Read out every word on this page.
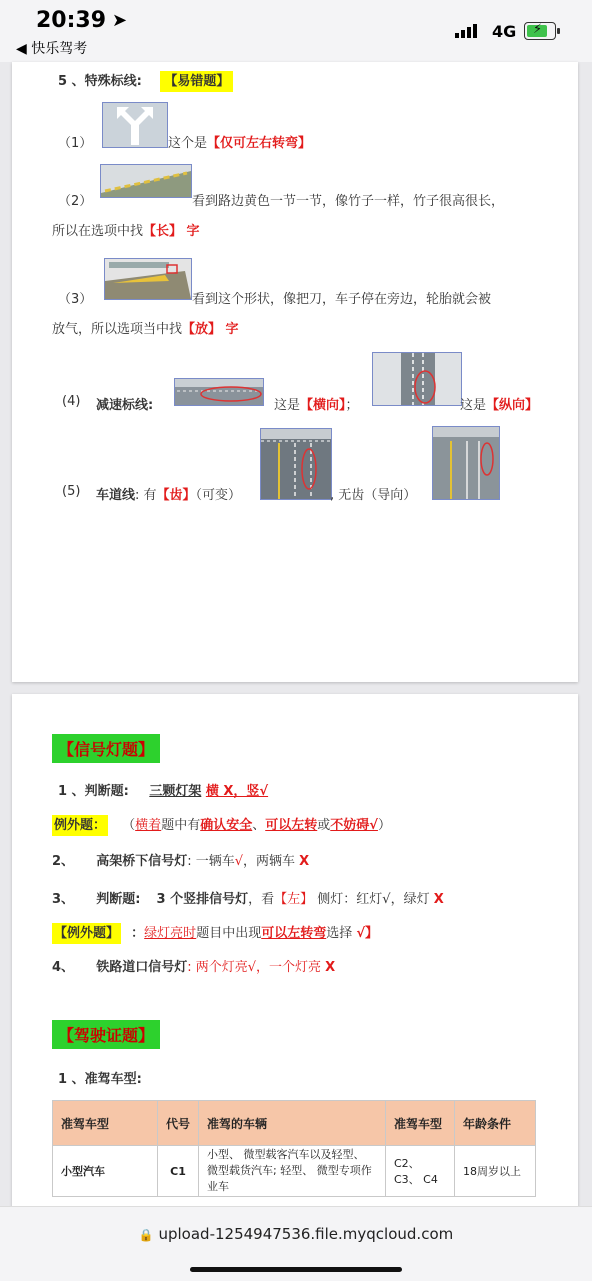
20:39 ➤
◀ 快乐驾考
4G ⚡
5 、特殊标线: 【易错题】
（1）	这个是【仅可左右转弯】
（2）	看到路边黄色一节一节，像竹子一样，竹子很高很长，
所以在选项中找【长】 字
（3）	看到这个形状，像把刀，车子停在旁边，轮胎就会被
放气，所以选项当中找【放】 字
(4) 减速标线:	这是【横向】；	这是【纵向】
(5) 车道线: 有【齿】（可变）	, 无齿（导向）
【信号灯题】
1 、判断题: 三颗灯架 横 X，竖√
例外题： （横着题中有确认安全、可以左转或不妨碍√）
2、 高架桥下信号灯: 一辆车√，两辆车 X
3、 判断题: 3 个竖排信号灯，看【左】 侧灯：红灯√，绿灯 X
【例外题】 ：绿灯亮时题目中出现可以左转弯选择 √】
4、 铁路道口信号灯: 两个灯亮√，一个灯亮 X
【驾驶证题】
1 、准驾车型:
准驾车型	代号	准驾的车辆	准驾车型	年龄条件
小型汽车	C1	小型、 微型载客汽车以及轻型、 微型载货汽车; 轻型、 微型专项作业车	C2、 C3、 C4	18周岁以上
🔒 upload-1254947536.file.myqcloud.com
